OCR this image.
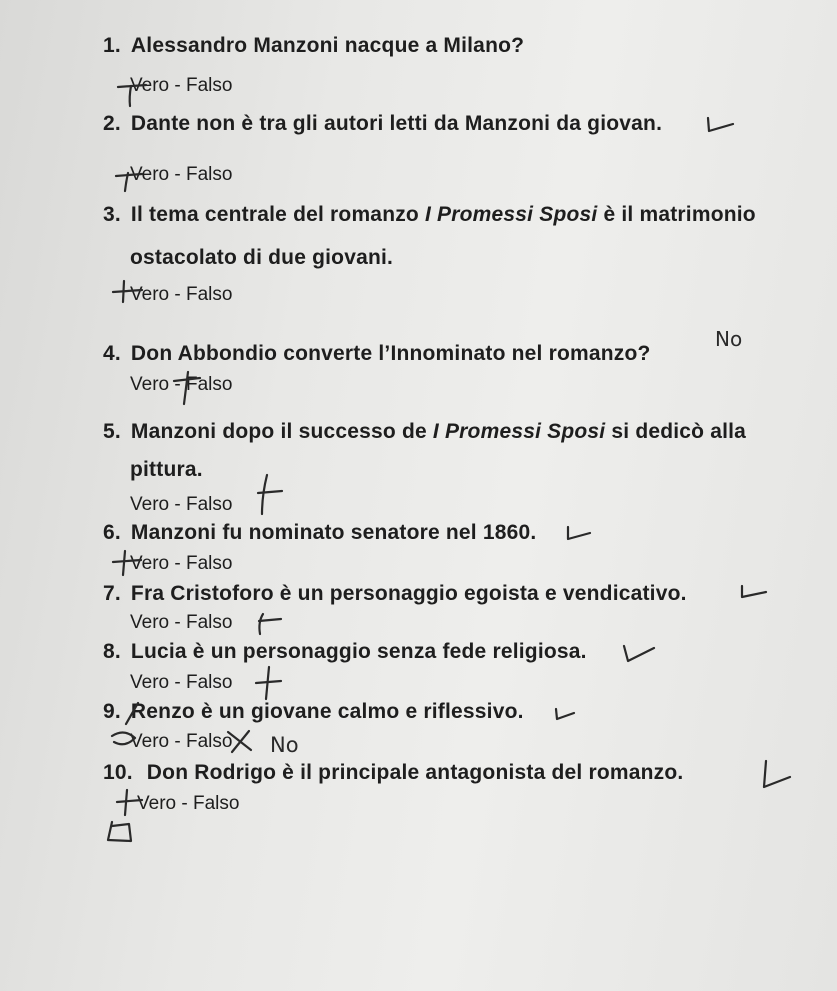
1. Alessandro Manzoni nacque a Milano?
Vero - Falso
2. Dante non è tra gli autori letti da Manzoni da giovan.
Vero - Falso
3. Il tema centrale del romanzo I Promessi Sposi è il matrimonio
ostacolato di due giovani.
Vero - Falso
4. Don Abbondio converte l’Innominato nel romanzo?
Vero - Falso
5. Manzoni dopo il successo de I Promessi Sposi si dedicò alla
pittura.
Vero - Falso
6. Manzoni fu nominato senatore nel 1860.
Vero - Falso
7. Fra Cristoforo è un personaggio egoista e vendicativo.
Vero - Falso
8. Lucia è un personaggio senza fede religiosa.
Vero - Falso
9. Renzo è un giovane calmo e riflessivo.
Vero - Falso
10. Don Rodrigo è il principale antagonista del romanzo.
Vero - Falso
No
No
